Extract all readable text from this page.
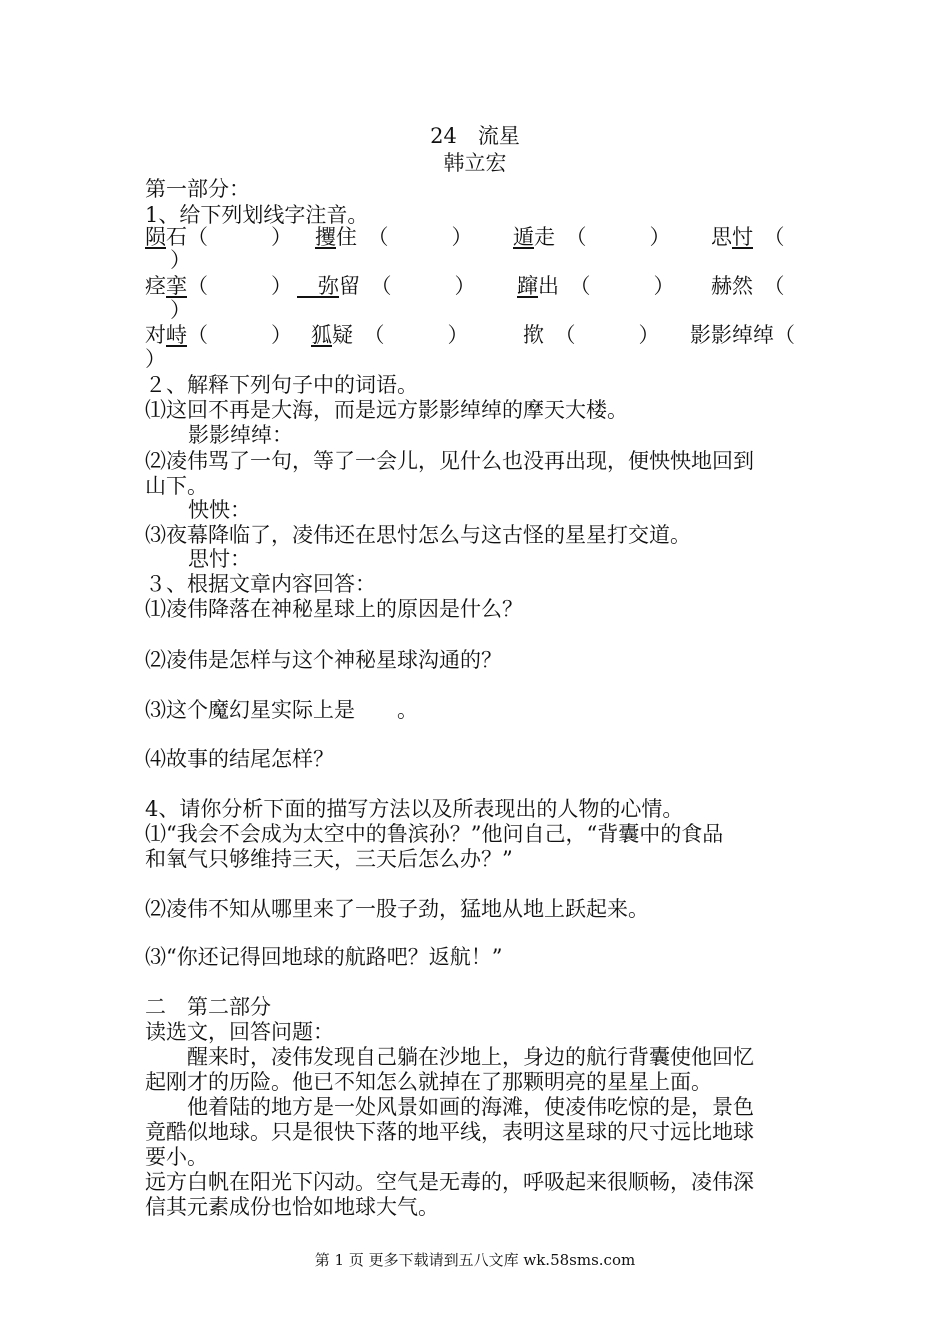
24　流星
韩立宏
第一部分：
1、给下列划线字注音。
陨石（　　　） 攫住　（　　　） 遁走　（　　　） 思忖　（
）
痉挛（　　　） 　弥留　（　　　） 蹿出　（　　　） 赫然　（
）
对峙（　　　） 狐疑　（　　　）	揿　（　　　） 影影绰绰（
）
２、解释下列句子中的词语。
⑴这回不再是大海，而是远方影影绰绰的摩天大楼。
影影绰绰：
⑵凌伟骂了一句，等了一会儿，见什么也没再出现，便怏怏地回到
山下。
怏怏：
⑶夜幕降临了，凌伟还在思忖怎么与这古怪的星星打交道。
思忖：
３、根据文章内容回答：
⑴凌伟降落在神秘星球上的原因是什么？
⑵凌伟是怎样与这个神秘星球沟通的？
⑶这个魔幻星实际上是　　。
⑷故事的结尾怎样？
4、请你分析下面的描写方法以及所表现出的人物的心情。
⑴“我会不会成为太空中的鲁滨孙？”他问自己，“背囊中的食品
和氧气只够维持三天，三天后怎么办？”
⑵凌伟不知从哪里来了一股子劲，猛地从地上跃起来。
⑶“你还记得回地球的航路吧？返航！”
二　第二部分
读选文，回答问题：
　　醒来时，凌伟发现自己躺在沙地上，身边的航行背囊使他回忆
起刚才的历险。他已不知怎么就掉在了那颗明亮的星星上面。
　　他着陆的地方是一处风景如画的海滩，使凌伟吃惊的是，景色
竟酷似地球。只是很快下落的地平线，表明这星球的尺寸远比地球
要小。
远方白帆在阳光下闪动。空气是无毒的，呼吸起来很顺畅，凌伟深
信其元素成份也恰如地球大气。
第 1 页 更多下载请到五八文库 wk.58sms.com
